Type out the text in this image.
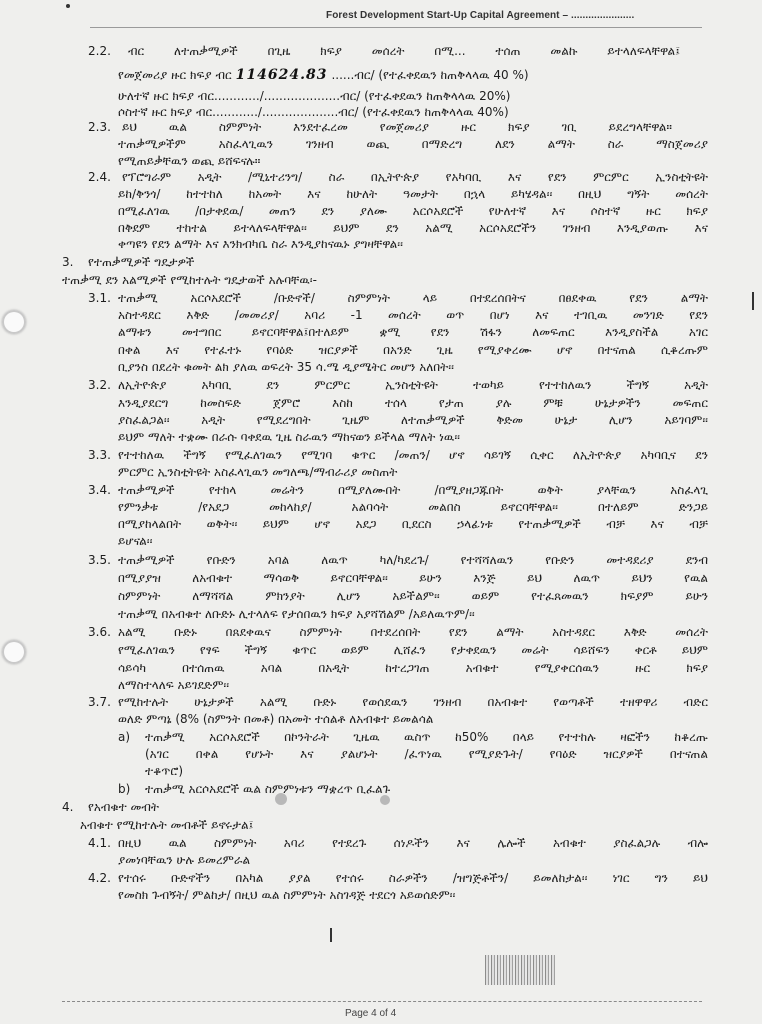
Forest Development Start-Up Capital Agreement – ......................
2.2. ብር ለተጠቃሚዎች በጊዜ ክፍያ መሰረት በሚ... ተሰጠ መልኩ ይተላለፍላቸዋል፤
የመጀመሪያ ዙር ክፍያ ብር 114624.83 ......ብር/ (የተፈቀደዉን ከጠቅላላዉ 40 %)
ሁለተኛ ዙር ክፍያ ብር............/....................ብር/ (የተፈቀደዉን ከጠቅላላዉ 20%)
ሶስተኛ ዙር ክፍያ ብር............/....................ብር/ (የተፈቀደዉን ከጠቅላላዉ 40%)
2.3. ይህ ዉል ስምምነት እንደተፈረመ የመጀመሪያ ዙር ክፍያ ገቢ ይደረግላቸዋል።
ተጠቃሚዎችም አስፈላጊዉን ገንዘብ ወጪ በማድረግ ለደን ልማት ስራ ማስጀመሪያ
የሚጠይቃቸዉን ወጪ ይሸፍናሉ።
2.4. የፕሮግራም አዲት /ሚኒተሪንግ/ ስራ በኢትዮጵያ የአካባቢ እና የደን ምርምር ኢንስቲትዩት
ይከ/ቅንጎ/ ከተተከለ ከአመት እና ከሁለት ዓመታት በኋላ ይካሄዳል፡፡ በዚህ ግኝት መሰረት
በሚፈለገዉ /በታቀደዉ/ መጠን ደን ያለሙ አርሶአደሮች የሁለተኛ እና ሶስተኛ ዙር ክፍያ
በቅደም ተከተል ይተላለፍላቸዋል፡፡ ይህም ደን አልሚ አርሶአደሮችን ገንዘብ እንዲያወጡ እና
ቀጣዩን የደን ልማት እና እንክብካቤ ስራ እንዲያከናዉኑ ያግዛቸዋል፡፡
3. የተጠቃሚዎች ግዴታዎች
ተጠቃሚ ደን አልሚዎች የሚከተሉት ግዴታወች አሉባቸዉ፡-
3.1. ተጠቃሚ አርሶአደሮች /ቡድኖች/ ስምምነት ላይ በተደረሰበትና በፀደቀዉ የደን ልማት
አስተዳደር እቅድ /መመሪያ/ አባሪ -1 መሰረት ወጥ በሆነ እና ተገቢዉ መንገድ የደን
ልማቱን መተግበር ይኖርባቸዋል፤በተለይም ቋሚ የደን ሽፋን ለመፍጠር እንዲያስችል አገር
በቀል እና የተፈተኑ የባዕድ ዝርያዎች በአንድ ጊዜ የሚያቀረሙ ሆኖ በተናጠል ሲቆረጡም
ቢያንስ በደረት ቁመት ልክ ያለዉ ወፍረት 35 ሳ.ሜ ዲያሜትር መሆን አለበት፡፡
3.2. ለኢትዮጵያ አካባቢ ደን ምርምር ኢንስቲትዩት ተወካይ የተተከለዉን ችግኝ አዲት
እንዲያደርግ ከመስፍድ ጀምሮ እስከ ተሰላ የታጠ ያሉ ምቹ ሁኔታዎችን መፍጠር
ያስፈልጋል፡፡ አዲት የሚደረግበት ጊዜም ለተጠቃሚዎች ቅድመ ሁኔታ ሊሆን አይገባም፡፡
ይህም ማለት ተቋሙ በራሱ ባቀደዉ ጊዜ ስራዉን ማከናወን ይችላል ማለት ነዉ፡፡
3.3. የተተከለዉ ችግኝ የሚፈለገዉን የሚገባ ቁጥር /መጠን/ ሆኖ ሳይገኝ ሲቀር ለኢትዮጵያ አካባቢና ደን
ምርምር ኢንስቲትዩት አስፈላጊዉን መግለጫ/ማብራሪያ መስጠት
3.4. ተጠቃሚዎች የተከላ መሬትን በሚያለሙበት /በሚያዘጋጁበት ወቅት ያላቸዉን አስፈላጊ
የምንቃቱ /የአደጋ መከላከያ/ አልባሳት መልበስ ይኖርባቸዋል፡፡ በተለይም ድንጋይ
በሚያከላልበት ወቅት፡፡ ይህም ሆኖ አደጋ ቢደርስ ኃላፊነቱ የተጠቃሚዎች ብቻ እና ብቻ
ይሆናል፡፡
3.5. ተጠቃሚዎች የቡድን አባል ለዉጥ ካለ/ካደረጉ/ የተሻሻለዉን የቡድን መተዳደሪያ ደንብ
በሚያያዝ ለአብቁተ ማሳወቅ ይኖርባቸዋል፡፡ ይሁን እንጅ ይህ ለዉጥ ይህን የዉል
ስምምነት ለማሻሻል ምክንያት ሊሆን አይችልም፡፡ ወይም የተፈጸመዉን ክፍያም ይሁን
ተጠቃሚ በአብቁተ ለቡድኑ ሊተላለፍ የታሰበዉን ክፍያ አያሻሽልም /አይለዉጥም/፡፡
3.6. አልሚ ቡድኑ በጸደቀዉና ስምምነት በተደረሰበት የደን ልማት አስተዳደር እቅድ መሰረት
የሚፈለገዉን የፃፍ ችግኝ ቁጥር ወይም ሊሸፈን የታቀደዉን መሬት ሳይሸፍን ቀርቶ ይህም
ሳይሳካ በተሰጠዉ አባል በአዲት ከተረጋገጠ አብቁተ የሚያቀርሰዉን ዙር ክፍያ
ለማስተላለፍ አይገደድም፡፡
3.7. የሚከተሉት ሁኔታዎች አልሚ ቡድኑ የወሰደዉን ገንዘብ በአብቁተ የወጣቶች ተዘዋዋሪ ብድር
ወለድ ምጣኔ (8% (ስምንት በመቶ) በአመት ተሰልቶ ለአብቁተ ይመልሳል
a) ተጠቃሚ አርሶአደሮች በኮንትራት ጊዜዉ ዉስጥ ከ50% በላይ የተተከሉ ዛፎችን ከቆረጡ
(አገር በቀል የሆኑት እና ያልሆኑት /ፈጥነዉ የሚያድጉት/ የባዕድ ዝርያዎች በተናጠል
ተቆጥሮ)
b) ተጠቃሚ አርሶአደሮች ዉል ስምምነቱን ማቋረጥ ቢፈልጉ
4. የአብቁተ መብት
አብቁተ የሚከተሉት መብቶች ይኖሩታል፤
4.1. በዚህ ዉል ስምምነት አባሪ የተደረጉ ሰነዶችን እና ሌሎች አብቁተ ያስፈልጋሉ ብሎ
ያመነባቸዉን ሁሉ ይመረምራል
4.2. የተሰሩ ቡድኖችን በአካል ያያል የተሰሩ ስራዎችን /ዝግጅቶችን/ ይመለከታል፡፡ ነገር ግን ይህ
የመስክ ጉብኝት/ ምልከታ/ በዚህ ዉል ስምምነት አስገዳጅ ተደርጎ አይወሰድም፡፡
Page 4 of 4
